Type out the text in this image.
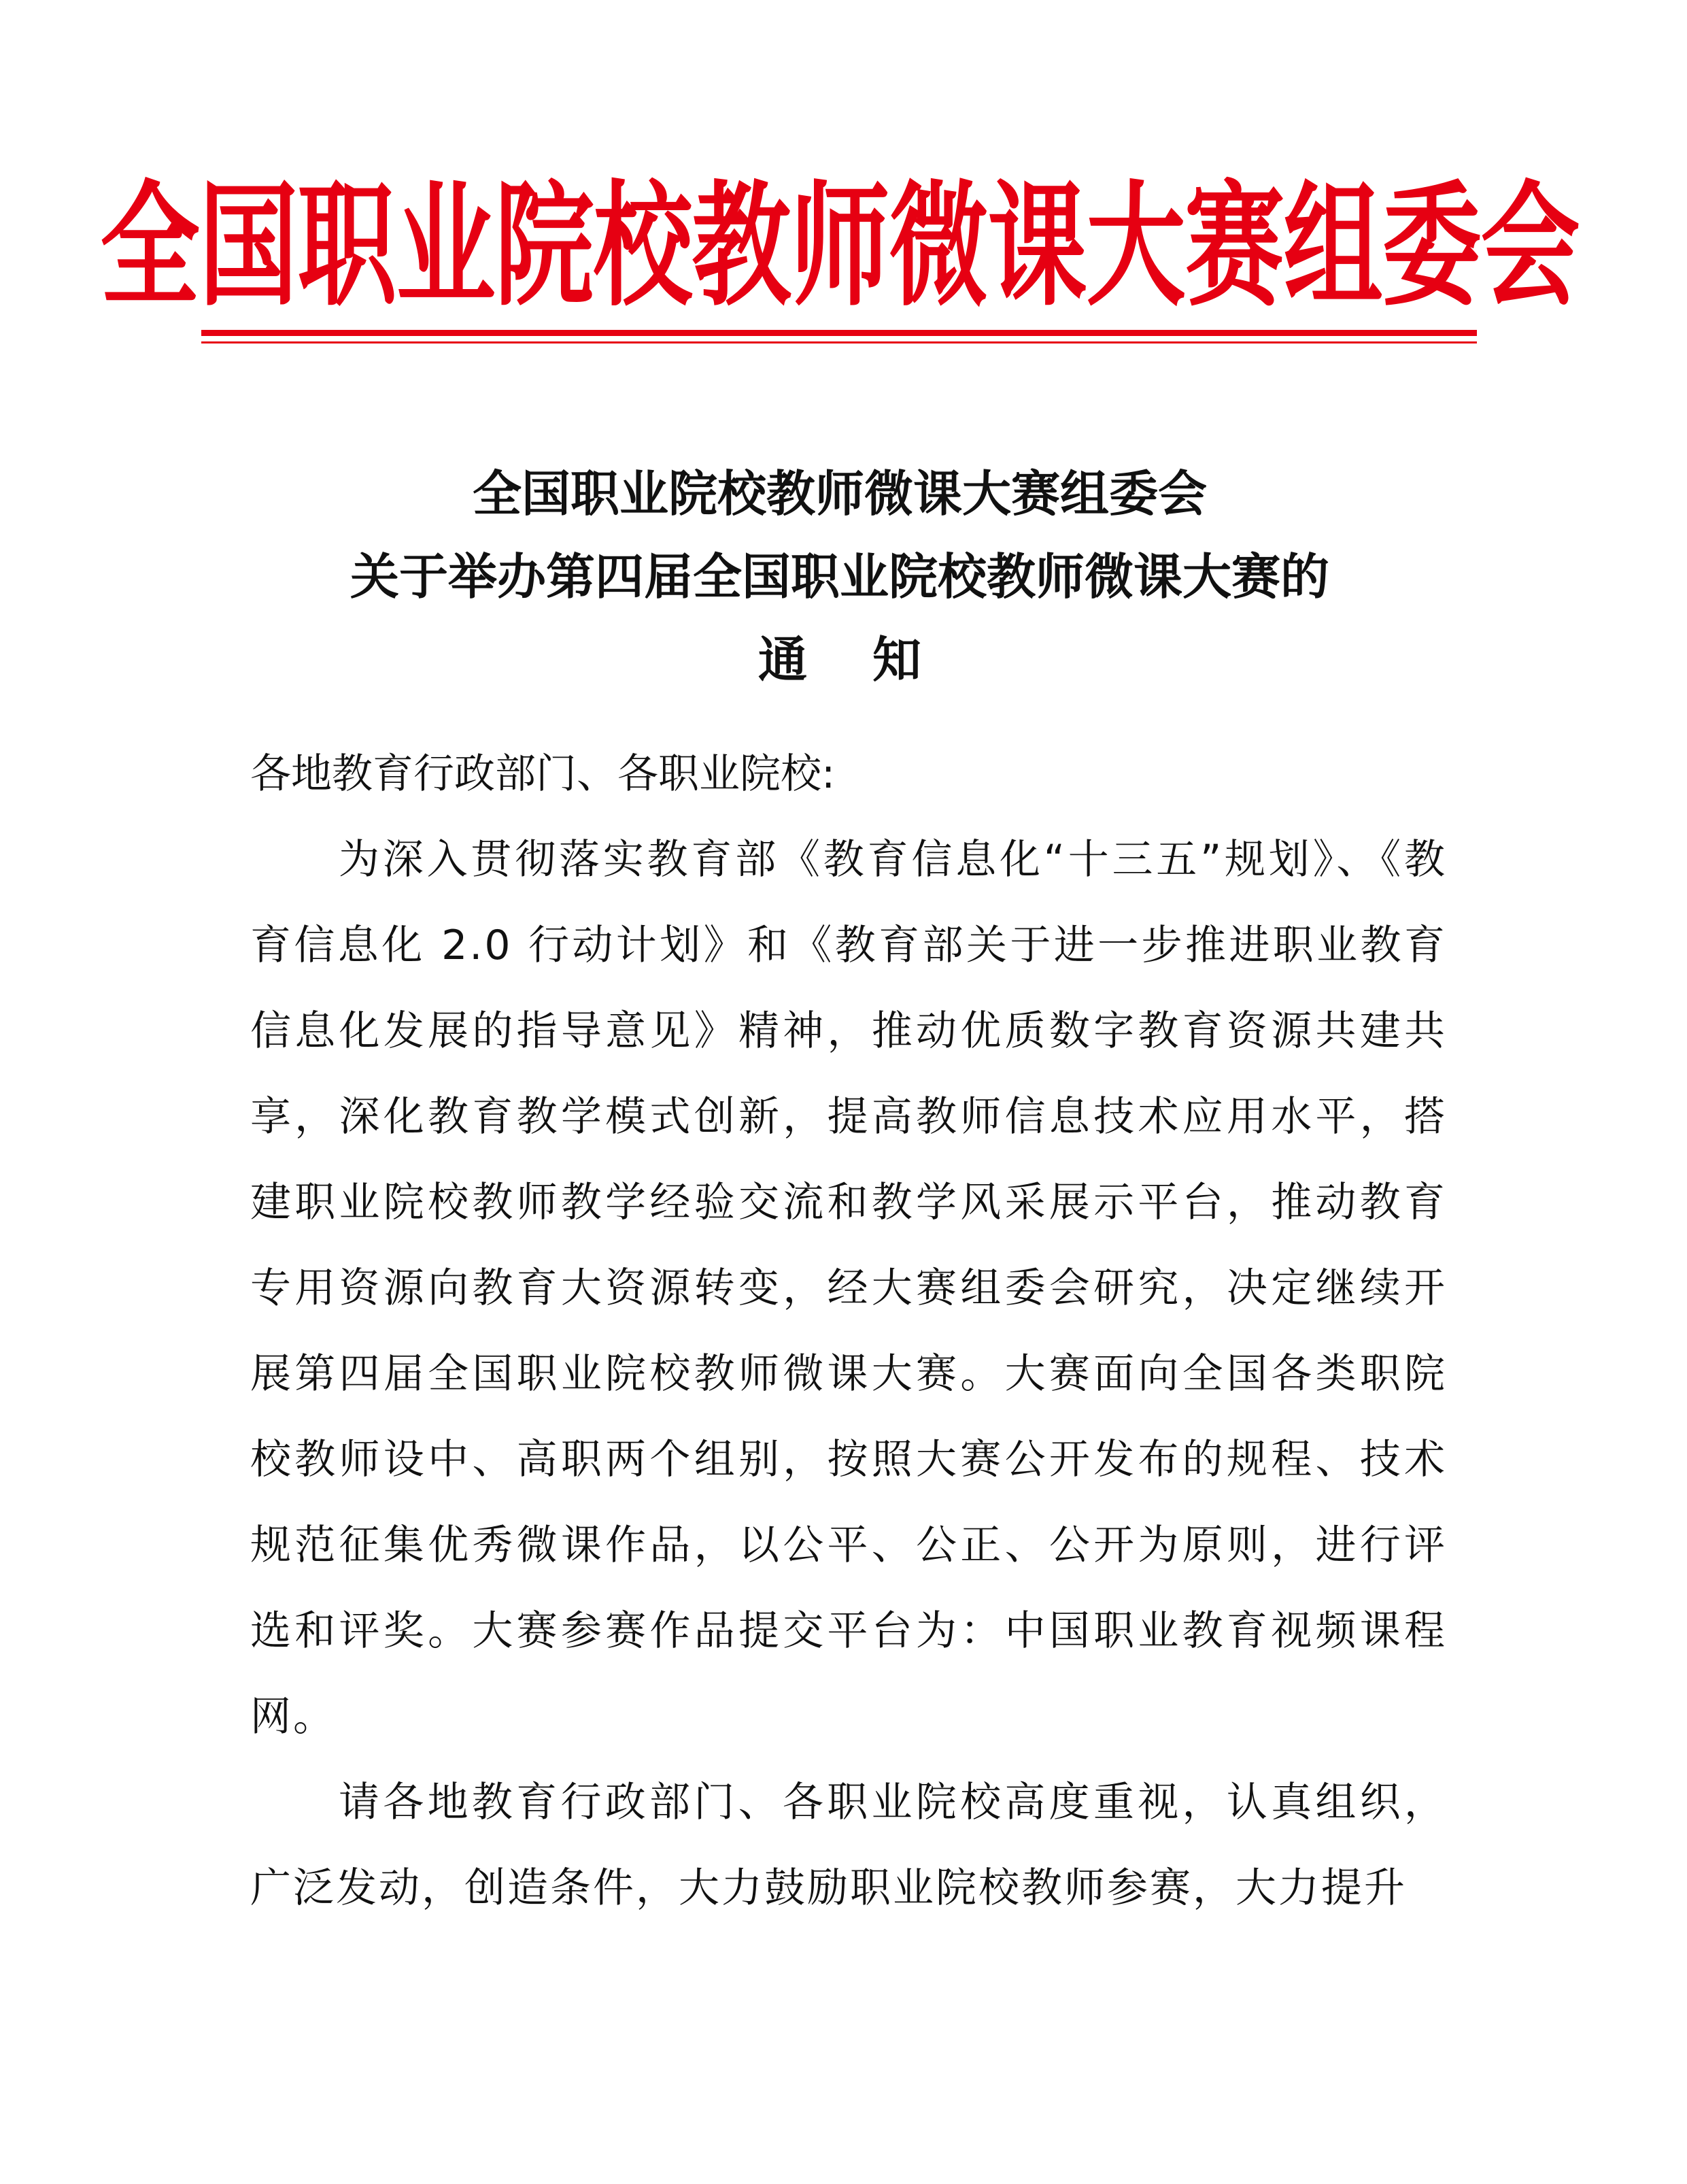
全国职业院校教师微课大赛组委会
全国职业院校教师微课大赛组委会
关于举办第四届全国职业院校教师微课大赛的
通知

各地教育行政部门、各职业院校:

为深入贯彻落实教育部《教育信息化“十三五”规划》、《教育信息化 2.0 行动计划》和《教育部关于进一步推进职业教育信息化发展的指导意见》精神，推动优质数字教育资源共建共享，深化教育教学模式创新，提高教师信息技术应用水平，搭建职业院校教师教学经验交流和教学风采展示平台，推动教育专用资源向教育大资源转变，经大赛组委会研究，决定继续开展第四届全国职业院校教师微课大赛。大赛面向全国各类职院校教师设中、高职两个组别，按照大赛公开发布的规程、技术规范征集优秀微课作品，以公平、公正、公开为原则，进行评选和评奖。大赛参赛作品提交平台为：中国职业教育视频课程网。

请各地教育行政部门、各职业院校高度重视，认真组织，广泛发动，创造条件，大力鼓励职业院校教师参赛，大力提升
